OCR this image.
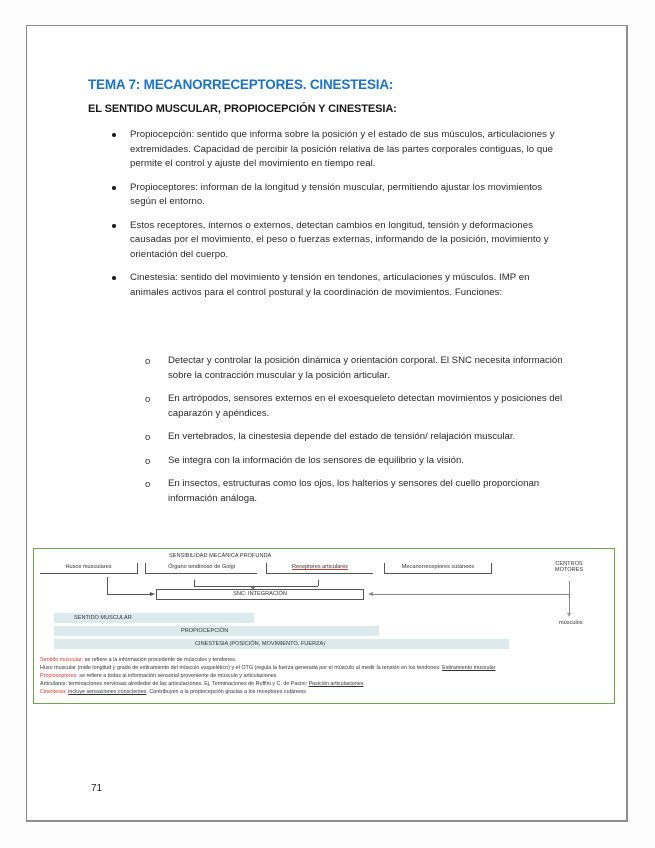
TEMA 7: MECANORRECEPTORES. CINESTESIA:
EL SENTIDO MUSCULAR, PROPIOCEPCIÓN Y CINESTESIA:
Propiocepción: sentido que informa sobre la posición y el estado de sus músculos, articulaciones y extremidades. Capacidad de percibir la posición relativa de las partes corporales contiguas, lo que permite el control y ajuste del movimiento en tiempo real.
Propioceptores: informan de la longitud y tensión muscular, permitiendo ajustar los movimientos según el entorno.
Estos receptores, internos o externos, detectan cambios en longitud, tensión y deformaciones causadas por el movimiento, el peso o fuerzas externas, informando de la posición, movimiento y orientación del cuerpo.
Cinestesia: sentido del movimiento y tensión en tendones, articulaciones y músculos. IMP en animales activos para el control postural y la coordinación de movimientos. Funciones:
o Detectar y controlar la posición dinámica y orientación corporal. El SNC necesita información sobre la contracción muscular y la posición articular.
o En artrópodos, sensores externos en el exoesqueleto detectan movimientos y posiciones del caparazón y apéndices.
o En vertebrados, la cinestesia depende del estado de tensión/ relajación muscular.
o Se integra con la información de los sensores de equilibrio y la visión.
o En insectos, estructuras como los ojos, los halterios y sensores del cuello proporcionan información análoga.
SENSIBILIDAD MECÁNICA PROFUNDA
Husos musculares	Órgano tendinoso de Golgi	Receptores articulares	Mecanorreceptores cutáneos	CENTROS
MOTORES
SNC: INTEGRACIÓN
músculos
SENTIDO MUSCULAR
PROPIOCEPCIÓN
CINESTESIA (POSICIÓN, MOVIMIENTO, FUERZA)
Sentido muscular: se refiere a la información procedente de músculos y tendones.
Huso muscular (mide longitud y grado de estiramiento del músculo esquelético) y el OTG (regula la fuerza generada por el músculo al medir la tensión en los tendones: Estiramiento muscular
Propioceptores: se refiere a todas al información sensorial proveniente de músculo y articulaciones
Articulares: terminaciones nerviosas alrededor de las articulaciones. Ej. Terminaciones de Ruffini y C. de Pacini: Posición articulaciones
Cinestesia: incluye sensaciones conscientes. Contribuyen a la propiocepción gracias a los receptores cutáneos
71
